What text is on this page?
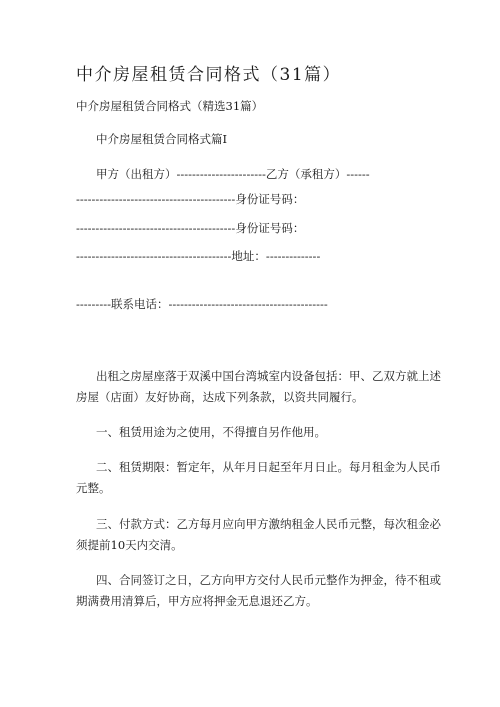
中介房屋租赁合同格式（31篇）
中介房屋租赁合同格式（精选31篇）
中介房屋租赁合同格式篇I
甲方（出租方）-----------------------乙方（承租方）------
-----------------------------------------身份证号码：
-----------------------------------------身份证号码：
----------------------------------------地址：--------------
---------联系电话：-----------------------------------------
出租之房屋座落于双溪中国台湾城室内设备包括：甲、乙双方就上述
房屋（店面）友好协商，达成下列条款，以资共同履行。
一、租赁用途为之使用，不得擅自另作他用。
二、租赁期限：暂定年，从年月日起至年月日止。每月租金为人民币
元整。
三、付款方式：乙方每月应向甲方激纳租金人民币元整，每次租金必
须提前10天内交清。
四、合同签订之日，乙方向甲方交付人民币元整作为押金，待不租或
期满费用清算后，甲方应将押金无息退还乙方。
